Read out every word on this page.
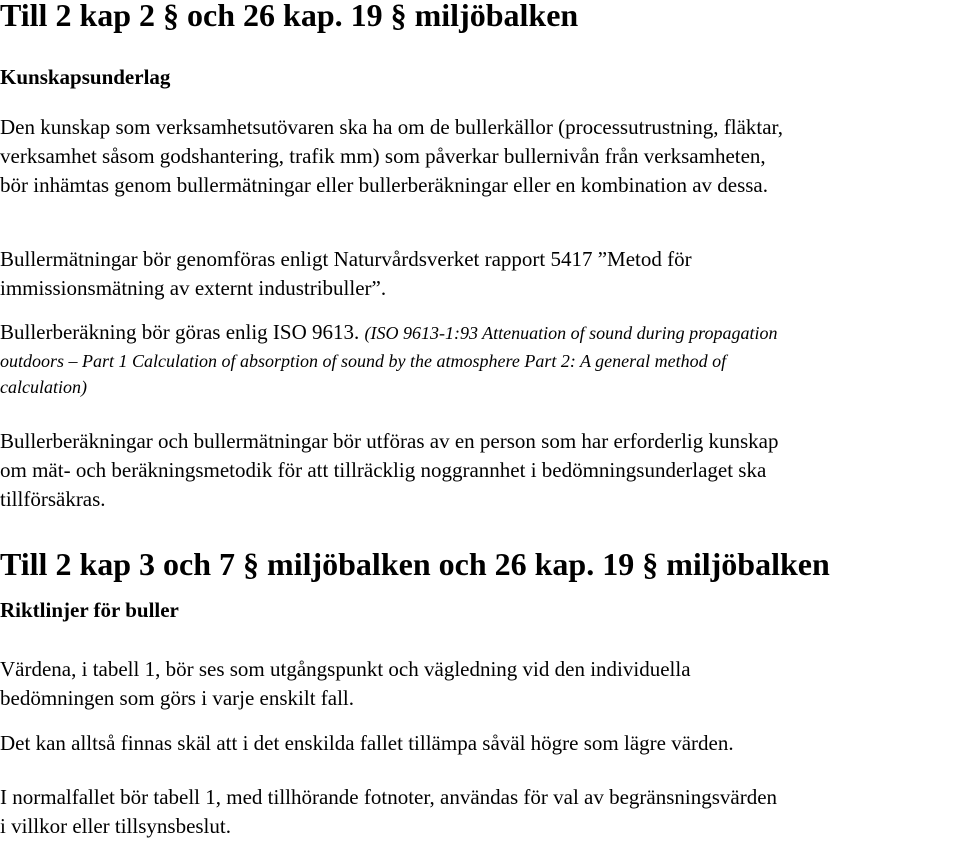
Till 2 kap 2 § och 26 kap. 19 § miljöbalken
Kunskapsunderlag

Den kunskap som verksamhetsutövaren ska ha om de bullerkällor (processutrustning, fläktar,
verksamhet såsom godshantering, trafik mm) som påverkar bullernivån från verksamheten,
bör inhämtas genom bullermätningar eller bullerberäkningar eller en kombination av dessa.

Bullermätningar bör genomföras enligt Naturvårdsverket rapport 5417 ”Metod för
immissionsmätning av externt industribuller”.

Bullerberäkning bör göras enlig ISO 9613. (ISO 9613-1:93 Attenuation of sound during propagation
outdoors – Part 1 Calculation of absorption of sound by the atmosphere Part 2: A general method of
calculation)

Bullerberäkningar och bullermätningar bör utföras av en person som har erforderlig kunskap
om mät- och beräkningsmetodik för att tillräcklig noggrannhet i bedömningsunderlaget ska
tillförsäkras.

Till 2 kap 3 och 7 § miljöbalken och 26 kap. 19 § miljöbalken
Riktlinjer för buller

Värdena, i tabell 1, bör ses som utgångspunkt och vägledning vid den individuella
bedömningen som görs i varje enskilt fall.

Det kan alltså finnas skäl att i det enskilda fallet tillämpa såväl högre som lägre värden.

I normalfallet bör tabell 1, med tillhörande fotnoter, användas för val av begränsningsvärden
i villkor eller tillsynsbeslut.
